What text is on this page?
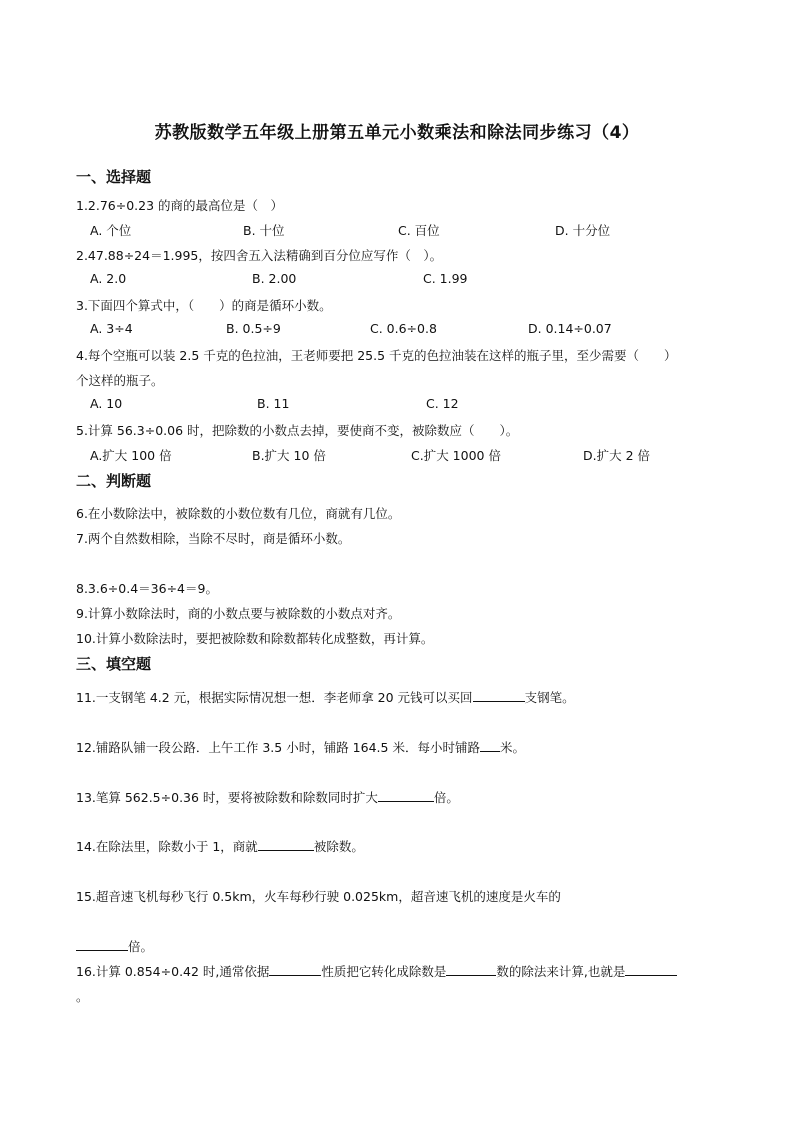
苏教版数学五年级上册第五单元小数乘法和除法同步练习（4）
一、选择题
1.2.76÷0.23 的商的最高位是（　）
A. 个位	B. 十位	C. 百位	D. 十分位
2.47.88÷24＝1.995，按四舍五入法精确到百分位应写作（　）。
A. 2.0	B. 2.00	C. 1.99
3.下面四个算式中，（　　）的商是循环小数。
A. 3÷4	B. 0.5÷9	C. 0.6÷0.8	D. 0.14÷0.07
4.每个空瓶可以装 2.5 千克的色拉油，王老师要把 25.5 千克的色拉油装在这样的瓶子里，至少需要（　　）
个这样的瓶子。
A. 10	B. 11	C. 12
5.计算 56.3÷0.06 时，把除数的小数点去掉，要使商不变，被除数应（　　）。
A.扩大 100 倍	B.扩大 10 倍	C.扩大 1000 倍	D.扩大 2 倍
二、判断题
6.在小数除法中，被除数的小数位数有几位，商就有几位。
7.两个自然数相除，当除不尽时，商是循环小数。
8.3.6÷0.4＝36÷4＝9。
9.计算小数除法时，商的小数点要与被除数的小数点对齐。
10.计算小数除法时，要把被除数和除数都转化成整数，再计算。
三、填空题
11.一支钢笔 4.2 元，根据实际情况想一想．李老师拿 20 元钱可以买回	支钢笔。
12.铺路队铺一段公路．上午工作 3.5 小时，铺路 164.5 米．每小时铺路 米。
13.笔算 562.5÷0.36 时，要将被除数和除数同时扩大	倍。
14.在除法里，除数小于 1，商就	被除数。
15.超音速飞机每秒飞行 0.5km，火车每秒行驶 0.025km，超音速飞机的速度是火车的
倍。
16.计算 0.854÷0.42 时,通常依据	性质把它转化成除数是	数的除法来计算,也就是
。
